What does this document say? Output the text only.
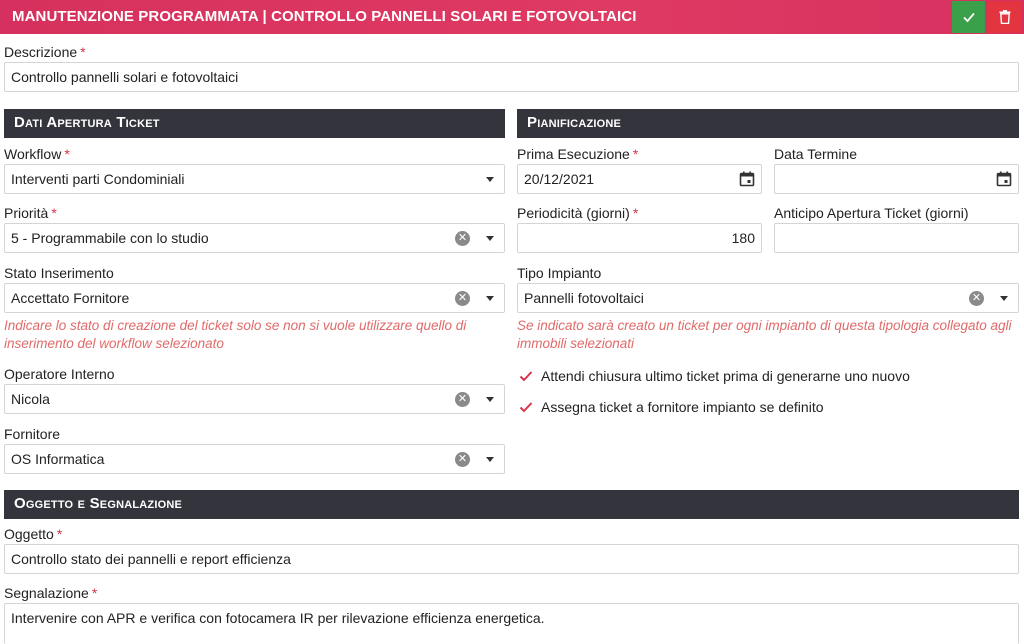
MANUTENZIONE PROGRAMMATA | CONTROLLO PANNELLI SOLARI E FOTOVOLTAICI
Descrizione *
Controllo pannelli solari e fotovoltaici
Dati Apertura Ticket	Pianificazione
Workflow *
Interventi parti Condominiali
Priorità *
5 - Programmabile con lo studio	✕
Stato Inserimento
Accettato Fornitore	✕
Indicare lo stato di creazione del ticket solo se non si vuole utilizzare quello di inserimento del workflow selezionato
Operatore Interno
Nicola	✕
Fornitore
OS Informatica	✕
Prima Esecuzione *
20/12/2021
Data Termine
Periodicità (giorni) *
180
Anticipo Apertura Ticket (giorni)
Tipo Impianto
Pannelli fotovoltaici	✕
Se indicato sarà creato un ticket per ogni impianto di questa tipologia collegato agli immobili selezionati
Attendi chiusura ultimo ticket prima di generarne uno nuovo
Assegna ticket a fornitore impianto se definito
Oggetto e Segnalazione
Oggetto *
Controllo stato dei pannelli e report efficienza
Segnalazione *
Intervenire con APR e verifica con fotocamera IR per rilevazione efficienza energetica.
